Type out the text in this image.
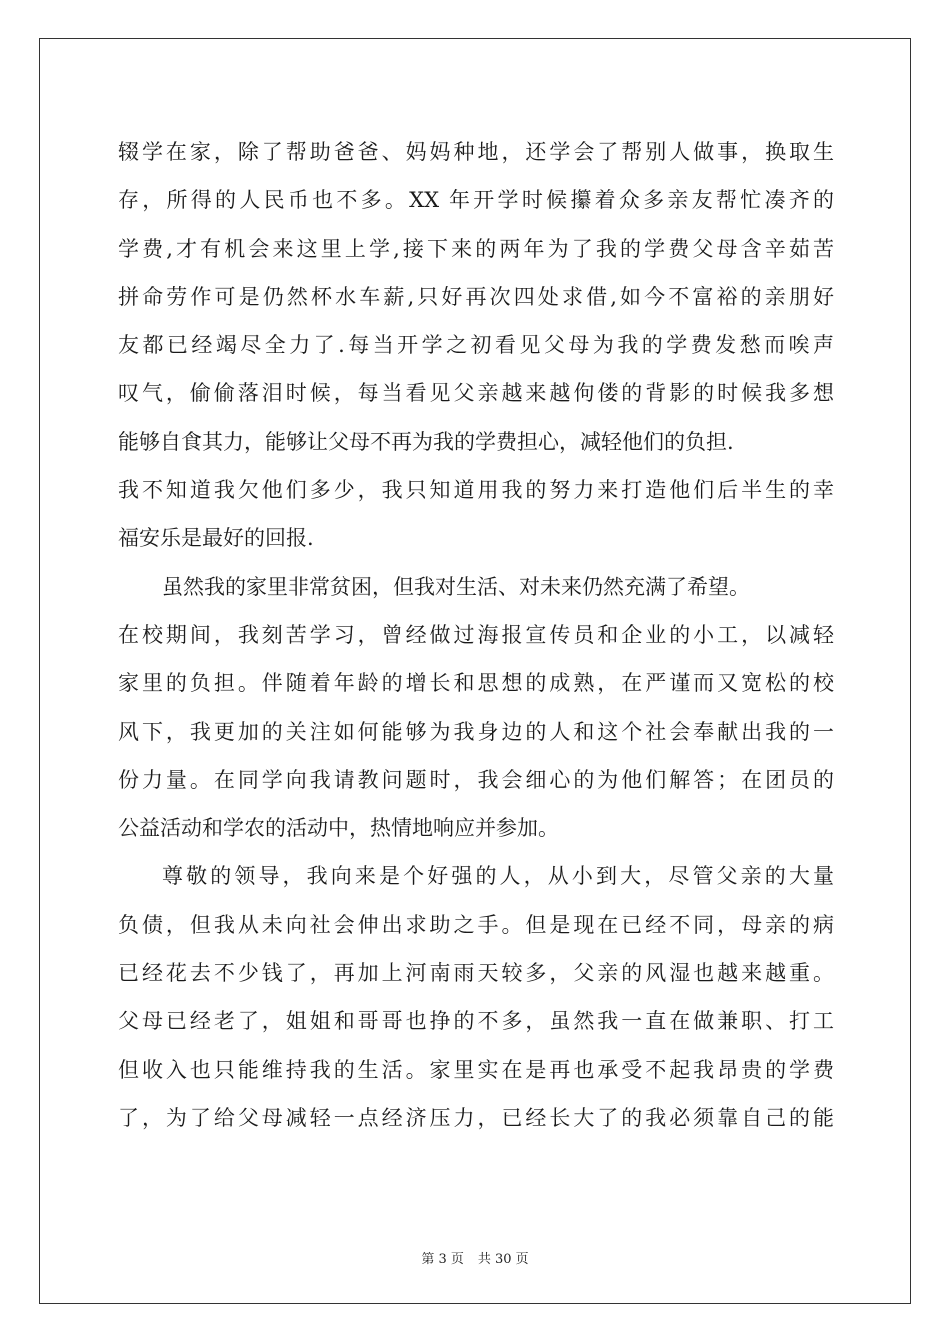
辍学在家，除了帮助爸爸、妈妈种地，还学会了帮别人做事，换取生
存，所得的人民币也不多。XX 年开学时候攥着众多亲友帮忙凑齐的
学费,才有机会来这里上学,接下来的两年为了我的学费父母含辛茹苦
拼命劳作可是仍然杯水车薪,只好再次四处求借,如今不富裕的亲朋好
友都已经竭尽全力了.每当开学之初看见父母为我的学费发愁而唉声
叹气，偷偷落泪时候，每当看见父亲越来越佝偻的背影的时候我多想
能够自食其力，能够让父母不再为我的学费担心，减轻他们的负担.
我不知道我欠他们多少，我只知道用我的努力来打造他们后半生的幸
福安乐是最好的回报.
虽然我的家里非常贫困，但我对生活、对未来仍然充满了希望。
在校期间，我刻苦学习，曾经做过海报宣传员和企业的小工，以减轻
家里的负担。伴随着年龄的增长和思想的成熟，在严谨而又宽松的校
风下，我更加的关注如何能够为我身边的人和这个社会奉献出我的一
份力量。在同学向我请教问题时，我会细心的为他们解答；在团员的
公益活动和学农的活动中，热情地响应并参加。
尊敬的领导，我向来是个好强的人，从小到大，尽管父亲的大量
负债，但我从未向社会伸出求助之手。但是现在已经不同，母亲的病
已经花去不少钱了，再加上河南雨天较多，父亲的风湿也越来越重。
父母已经老了，姐姐和哥哥也挣的不多，虽然我一直在做兼职、打工
但收入也只能维持我的生活。家里实在是再也承受不起我昂贵的学费
了，为了给父母减轻一点经济压力，已经长大了的我必须靠自己的能
第 3 页 共 30 页
